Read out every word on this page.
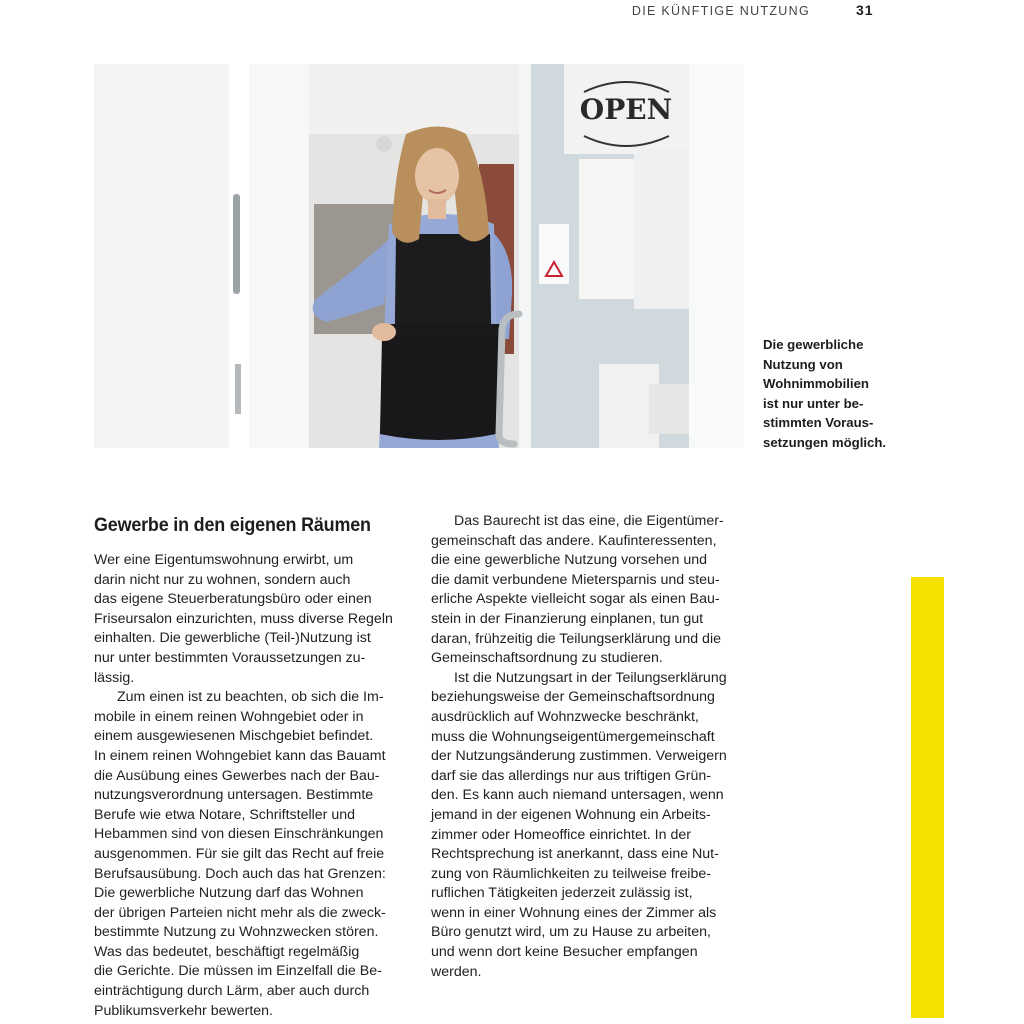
DIE KÜNFTIGE NUTZUNG	31
OPEN
Die gewerbliche
Nutzung von
Wohnimmobilien
ist nur unter be-
stimmten Voraus-
setzungen möglich.
Gewerbe in den eigenen Räumen
Wer eine Eigentumswohnung erwirbt, um
darin nicht nur zu wohnen, sondern auch
das eigene Steuerberatungsbüro oder einen
Friseursalon einzurichten, muss diverse Regeln
einhalten. Die gewerbliche (Teil-)Nutzung ist
nur unter bestimmten Voraussetzungen zu-
lässig.
Zum einen ist zu beachten, ob sich die Im-
mobile in einem reinen Wohngebiet oder in
einem ausgewiesenen Mischgebiet befindet.
In einem reinen Wohngebiet kann das Bauamt
die Ausübung eines Gewerbes nach der Bau-
nutzungsverordnung untersagen. Bestimmte
Berufe wie etwa Notare, Schriftsteller und
Hebammen sind von diesen Einschränkungen
ausgenommen. Für sie gilt das Recht auf freie
Berufsausübung. Doch auch das hat Grenzen:
Die gewerbliche Nutzung darf das Wohnen
der übrigen Parteien nicht mehr als die zweck-
bestimmte Nutzung zu Wohnzwecken stören.
Was das bedeutet, beschäftigt regelmäßig
die Gerichte. Die müssen im Einzelfall die Be-
einträchtigung durch Lärm, aber auch durch
Publikumsverkehr bewerten.
Das Baurecht ist das eine, die Eigentümer-
gemeinschaft das andere. Kaufinteressenten,
die eine gewerbliche Nutzung vorsehen und
die damit verbundene Mietersparnis und steu-
erliche Aspekte vielleicht sogar als einen Bau-
stein in der Finanzierung einplanen, tun gut
daran, frühzeitig die Teilungserklärung und die
Gemeinschaftsordnung zu studieren.
Ist die Nutzungsart in der Teilungserklärung
beziehungsweise der Gemeinschaftsordnung
ausdrücklich auf Wohnzwecke beschränkt,
muss die Wohnungseigentümergemeinschaft
der Nutzungsänderung zustimmen. Verweigern
darf sie das allerdings nur aus triftigen Grün-
den. Es kann auch niemand untersagen, wenn
jemand in der eigenen Wohnung ein Arbeits-
zimmer oder Homeoffice einrichtet. In der
Rechtsprechung ist anerkannt, dass eine Nut-
zung von Räumlichkeiten zu teilweise freibe-
ruflichen Tätigkeiten jederzeit zulässig ist,
wenn in einer Wohnung eines der Zimmer als
Büro genutzt wird, um zu Hause zu arbeiten,
und wenn dort keine Besucher empfangen
werden.
